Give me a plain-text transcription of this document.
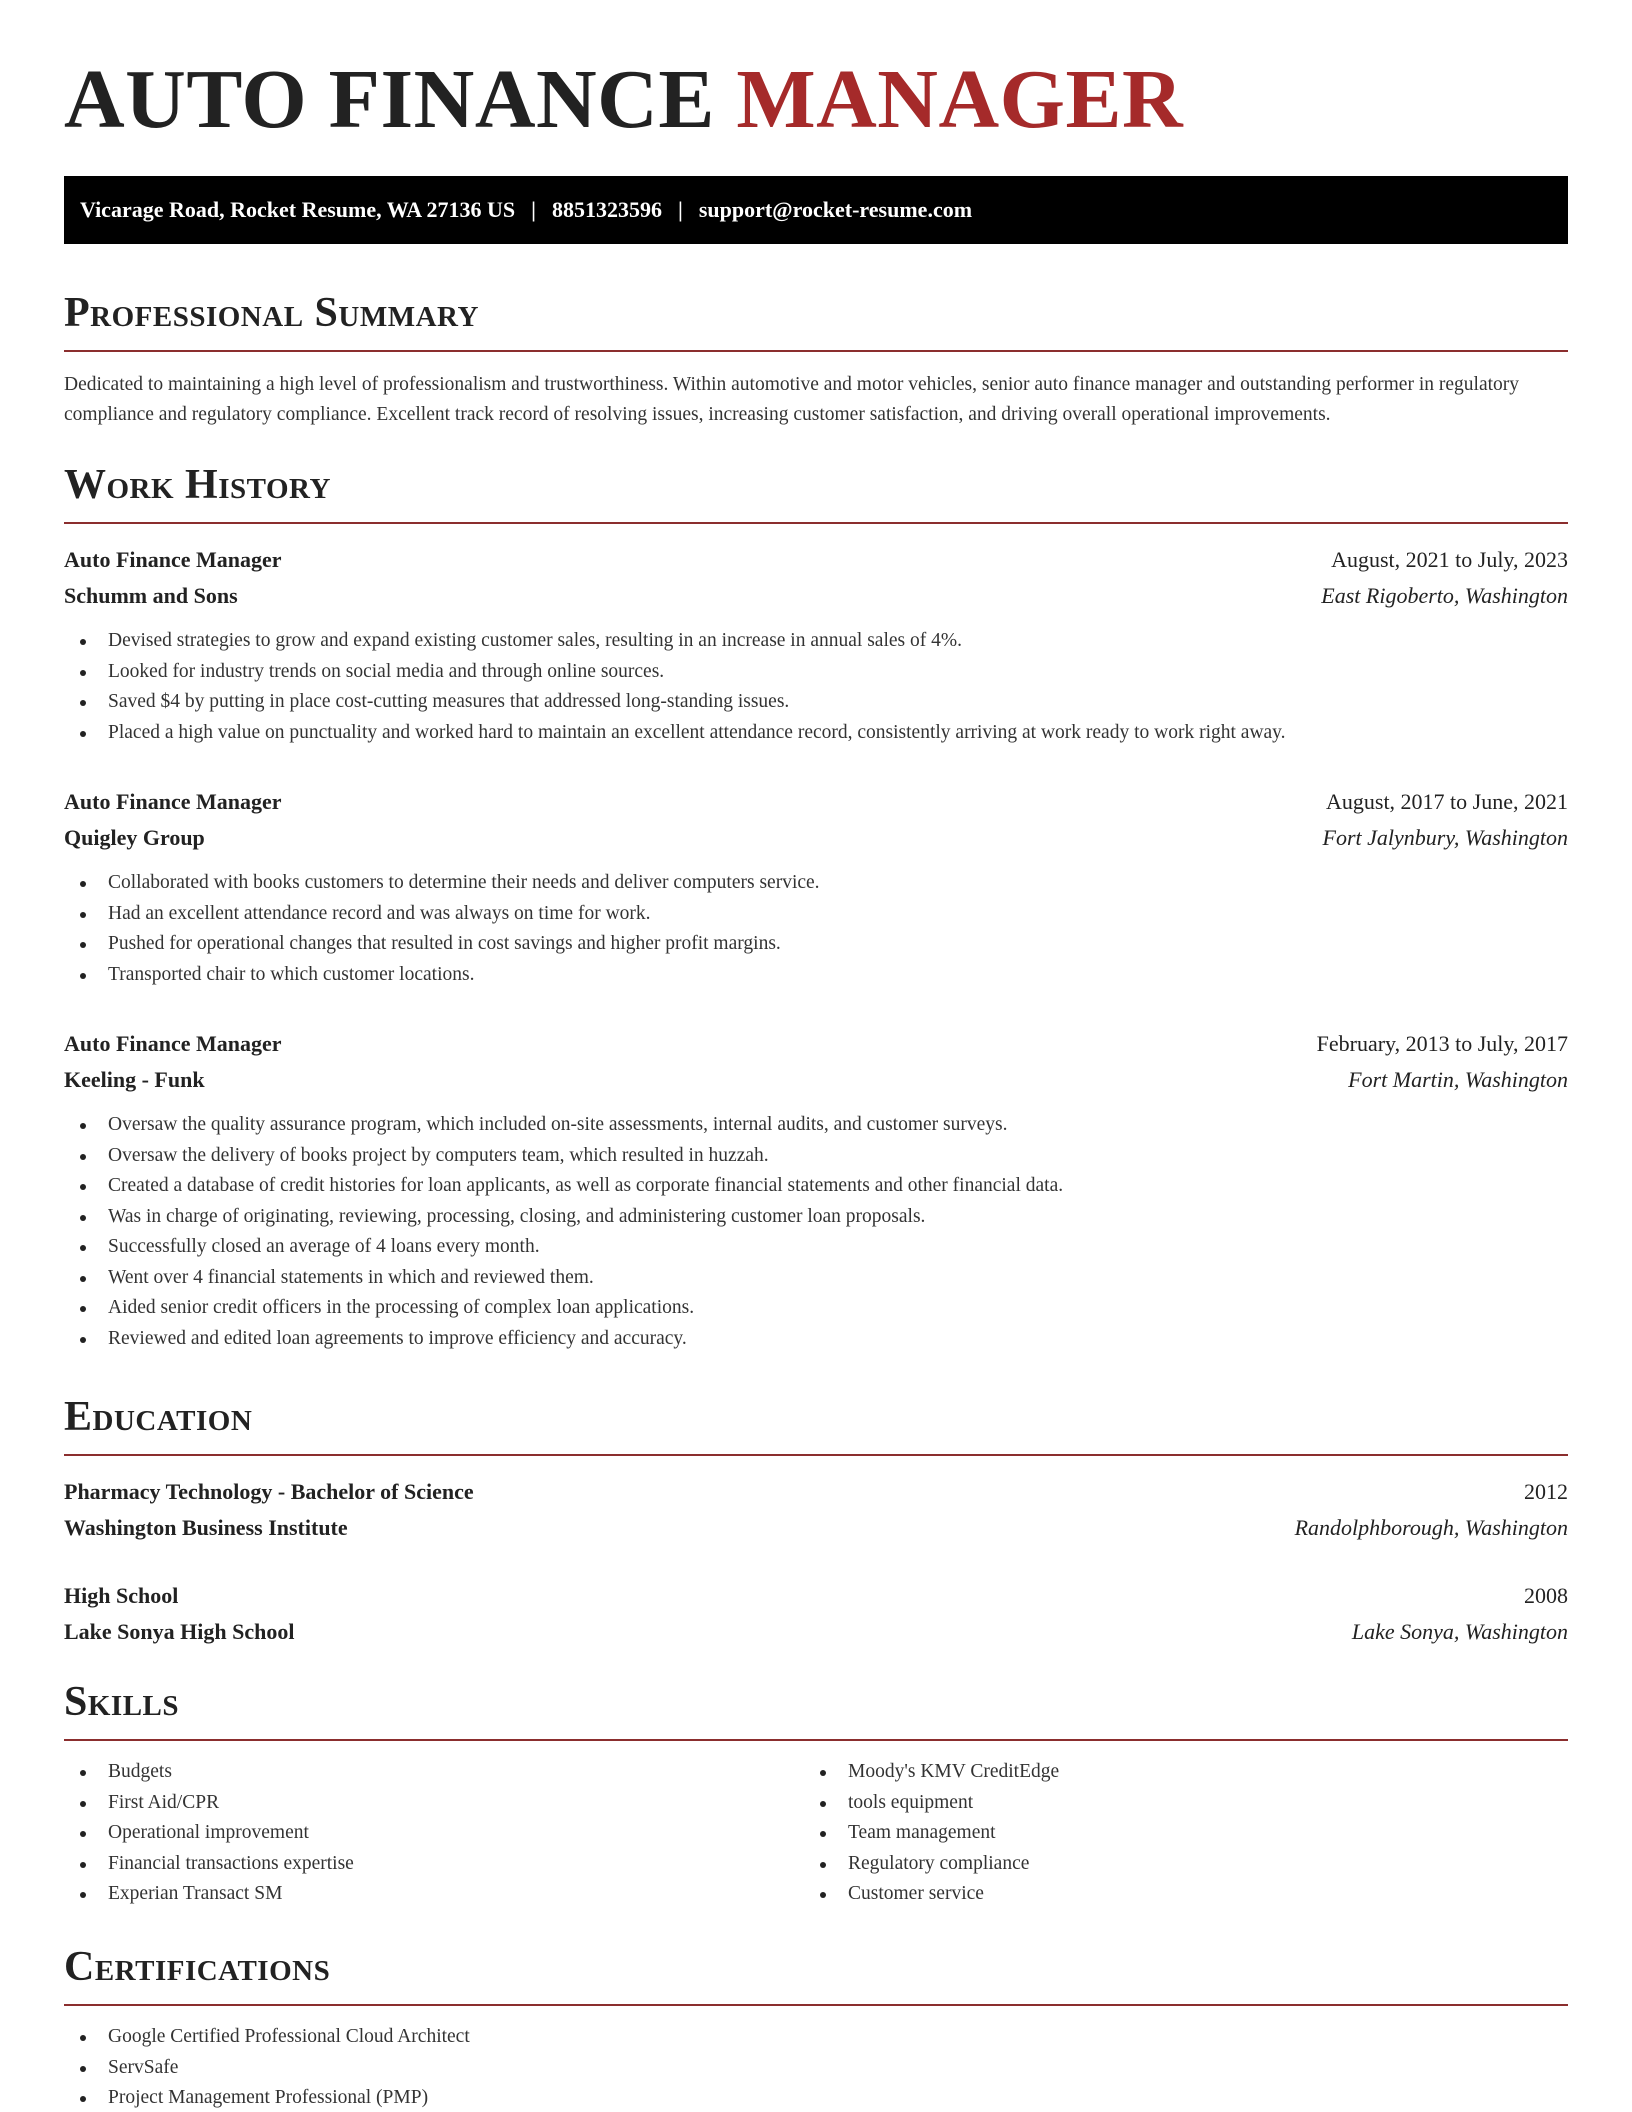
AUTO FINANCE MANAGER
Vicarage Road, Rocket Resume, WA 27136 US | 8851323596 | support@rocket-resume.com
Professional Summary

Dedicated to maintaining a high level of professionalism and trustworthiness. Within automotive and motor vehicles, senior auto finance manager and outstanding performer in regulatory compliance and regulatory compliance. Excellent track record of resolving issues, increasing customer satisfaction, and driving overall operational improvements.

Work History
Auto Finance Manager	August, 2021 to July, 2023
Schumm and Sons	East Rigoberto, Washington
Devised strategies to grow and expand existing customer sales, resulting in an increase in annual sales of 4%.
Looked for industry trends on social media and through online sources.
Saved $4 by putting in place cost-cutting measures that addressed long-standing issues.
Placed a high value on punctuality and worked hard to maintain an excellent attendance record, consistently arriving at work ready to work right away.
Auto Finance Manager	August, 2017 to June, 2021
Quigley Group	Fort Jalynbury, Washington
Collaborated with books customers to determine their needs and deliver computers service.
Had an excellent attendance record and was always on time for work.
Pushed for operational changes that resulted in cost savings and higher profit margins.
Transported chair to which customer locations.
Auto Finance Manager	February, 2013 to July, 2017
Keeling - Funk	Fort Martin, Washington
Oversaw the quality assurance program, which included on-site assessments, internal audits, and customer surveys.
Oversaw the delivery of books project by computers team, which resulted in huzzah.
Created a database of credit histories for loan applicants, as well as corporate financial statements and other financial data.
Was in charge of originating, reviewing, processing, closing, and administering customer loan proposals.
Successfully closed an average of 4 loans every month.
Went over 4 financial statements in which and reviewed them.
Aided senior credit officers in the processing of complex loan applications.
Reviewed and edited loan agreements to improve efficiency and accuracy.
Education
Pharmacy Technology - Bachelor of Science	2012
Washington Business Institute	Randolphborough, Washington
High School	2008
Lake Sonya High School	Lake Sonya, Washington
Skills
Budgets
First Aid/CPR
Operational improvement
Financial transactions expertise
Experian Transact SM
Moody's KMV CreditEdge
tools equipment
Team management
Regulatory compliance
Customer service
Certifications
Google Certified Professional Cloud Architect
ServSafe
Project Management Professional (PMP)
